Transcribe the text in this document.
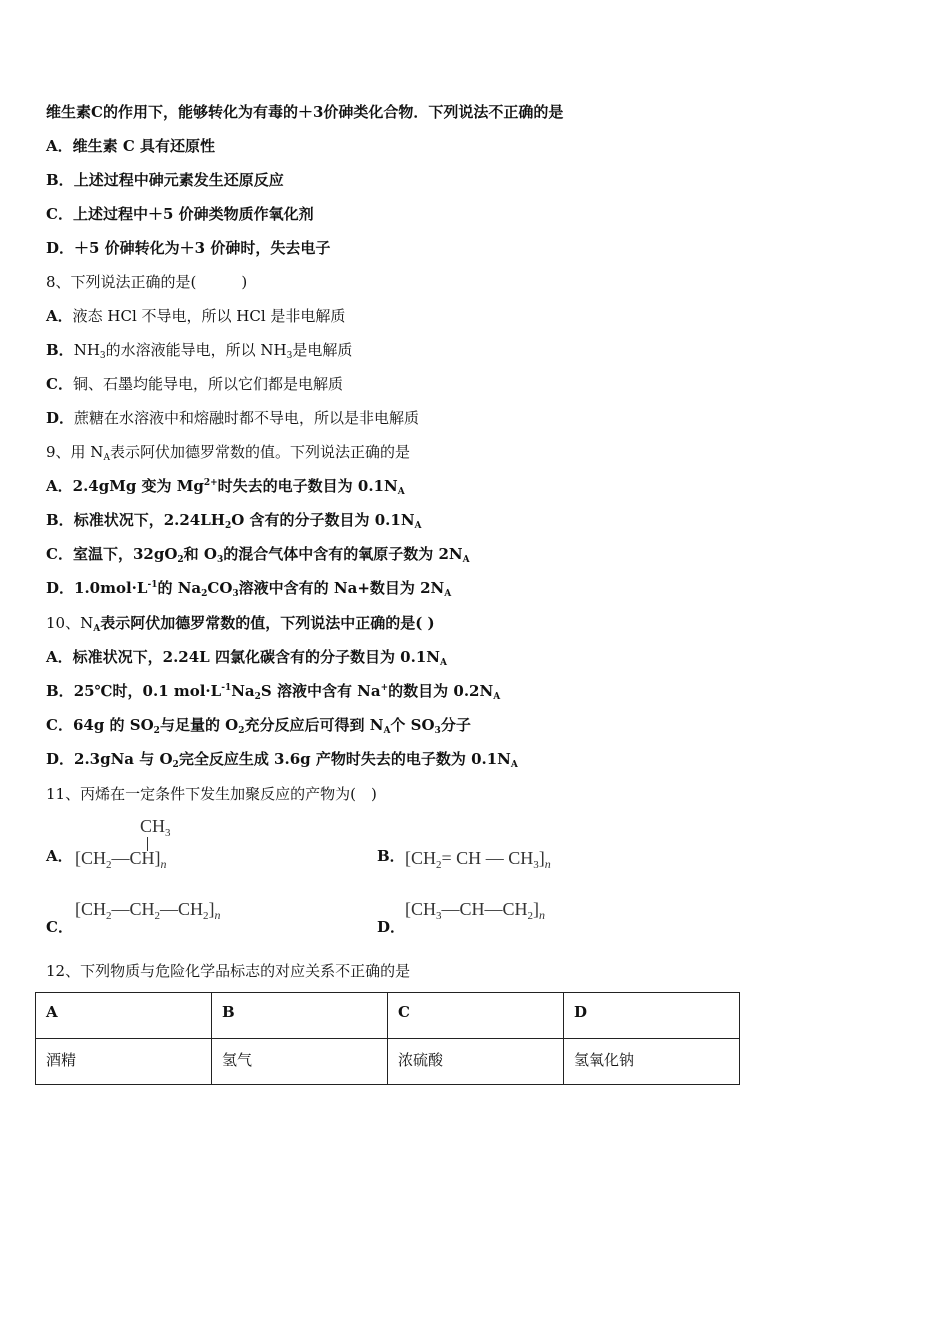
维生素C的作用下，能够转化为有毒的＋3价砷类化合物．下列说法不正确的是
A．维生素 C 具有还原性
B．上述过程中砷元素发生还原反应
C．上述过程中＋5 价砷类物质作氧化剂
D．＋5 价砷转化为＋3 价砷时，失去电子
8、下列说法正确的是(　　　)
A．液态 HCl 不导电，所以 HCl 是非电解质
B．$NH_3$的水溶液能导电，所以 $NH_3$是电解质
C．铜、石墨均能导电，所以它们都是电解质
D．蔗糖在水溶液中和熔融时都不导电，所以是非电解质
9、用 $N_A$表示阿伏加德罗常数的值。下列说法正确的是
A．2.4gMg 变为 $Mg^{2+}$时失去的电子数目为 $0.1N_A$
B．标准状况下，$2.24LH_2O$ 含有的分子数目为 $0.1N_A$
C．室温下，$32gO_2$和 $O_3$的混合气体中含有的氧原子数为 $2N_A$
D．$1.0mol\cdot L^{-1}$的 $Na_2CO_3$溶液中含有的 Na+数目为 $2N_A$
10、$N_A$表示阿伏加德罗常数的值，下列说法中正确的是( )
A．标准状况下，2.24L 四氯化碳含有的分子数目为 $0.1N_A$
B．25℃时，0.1 $mol\cdot L^{-1}Na_2S$ 溶液中含有 Na+的数目为 $0.2N_A$
C．64g 的 $SO_2$与足量的 $O_2$充分反应后可得到 $N_A$个 $SO_3$分子
D．2.3gNa 与 $O_2$完全反应生成 3.6g 产物时失去的电子数为 $0.1N_A$
11、丙烯在一定条件下发生加聚反应的产物为(　)
A．
$CH_3$
$[CH_2—CH]_n$	B． [$CH_2=$ CH — $CH_3]_n$
C．
$[CH_2—CH_2—CH_2]_n$
D．
$[CH_3—CH—CH_2]_n$
12、下列物质与危险化学品标志的对应关系不正确的是
A	B	C	D
酒精	氢气	浓硫酸	氢氧化钠
